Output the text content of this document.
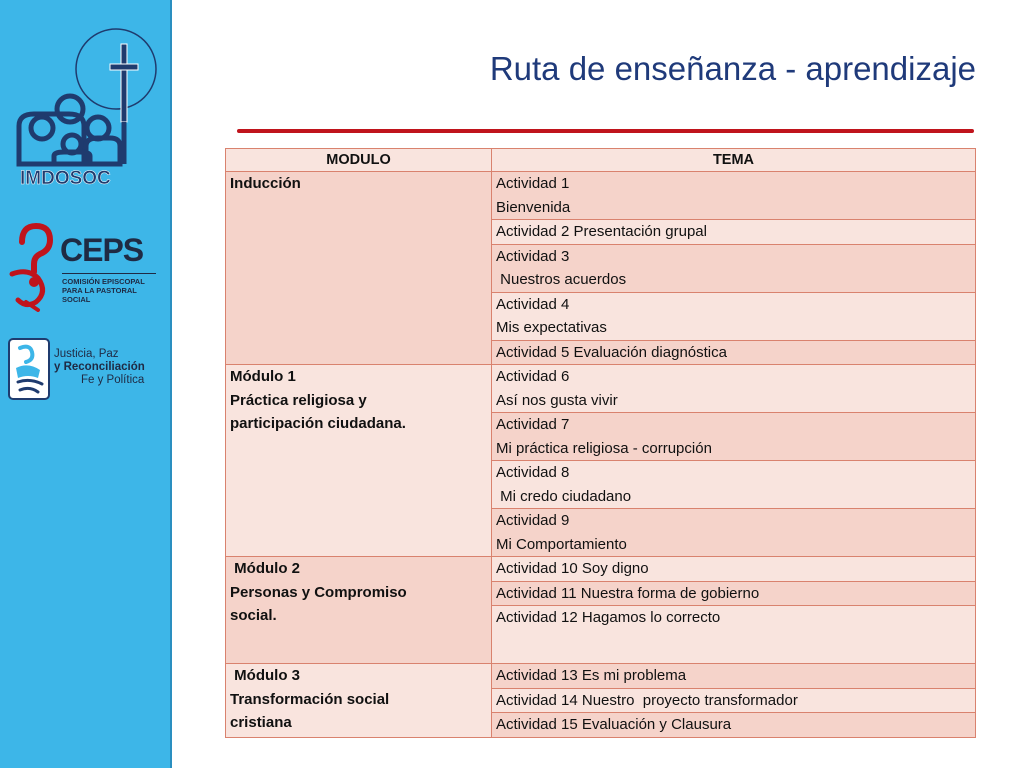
IMDOSOC
CEPS
COMISIÓN EPISCOPAL
PARA LA PASTORAL SOCIAL
Justicia, Paz
y Reconciliación
Fe y Política
Ruta de enseñanza - aprendizaje
MODULO	TEMA
Inducción	Actividad 1
Bienvenida

	Actividad 2 Presentación grupal

	Actividad 3
Nuestros acuerdos

	Actividad 4
Mis expectativas

	Actividad 5 Evaluación diagnóstica

Módulo 1
Práctica religiosa y
participación ciudadana.	Actividad 6
Así nos gusta vivir

	Actividad 7
Mi práctica religiosa - corrupción

	Actividad 8
Mi credo ciudadano

	Actividad 9
Mi Comportamiento

Módulo 2
Personas y Compromiso
social.	Actividad 10 Soy digno

	Actividad 11 Nuestra forma de gobierno

	Actividad 12 Hagamos lo correcto

Módulo 3
Transformación social
cristiana	Actividad 13 Es mi problema

	Actividad 14 Nuestro  proyecto transformador

	Actividad 15 Evaluación y Clausura
